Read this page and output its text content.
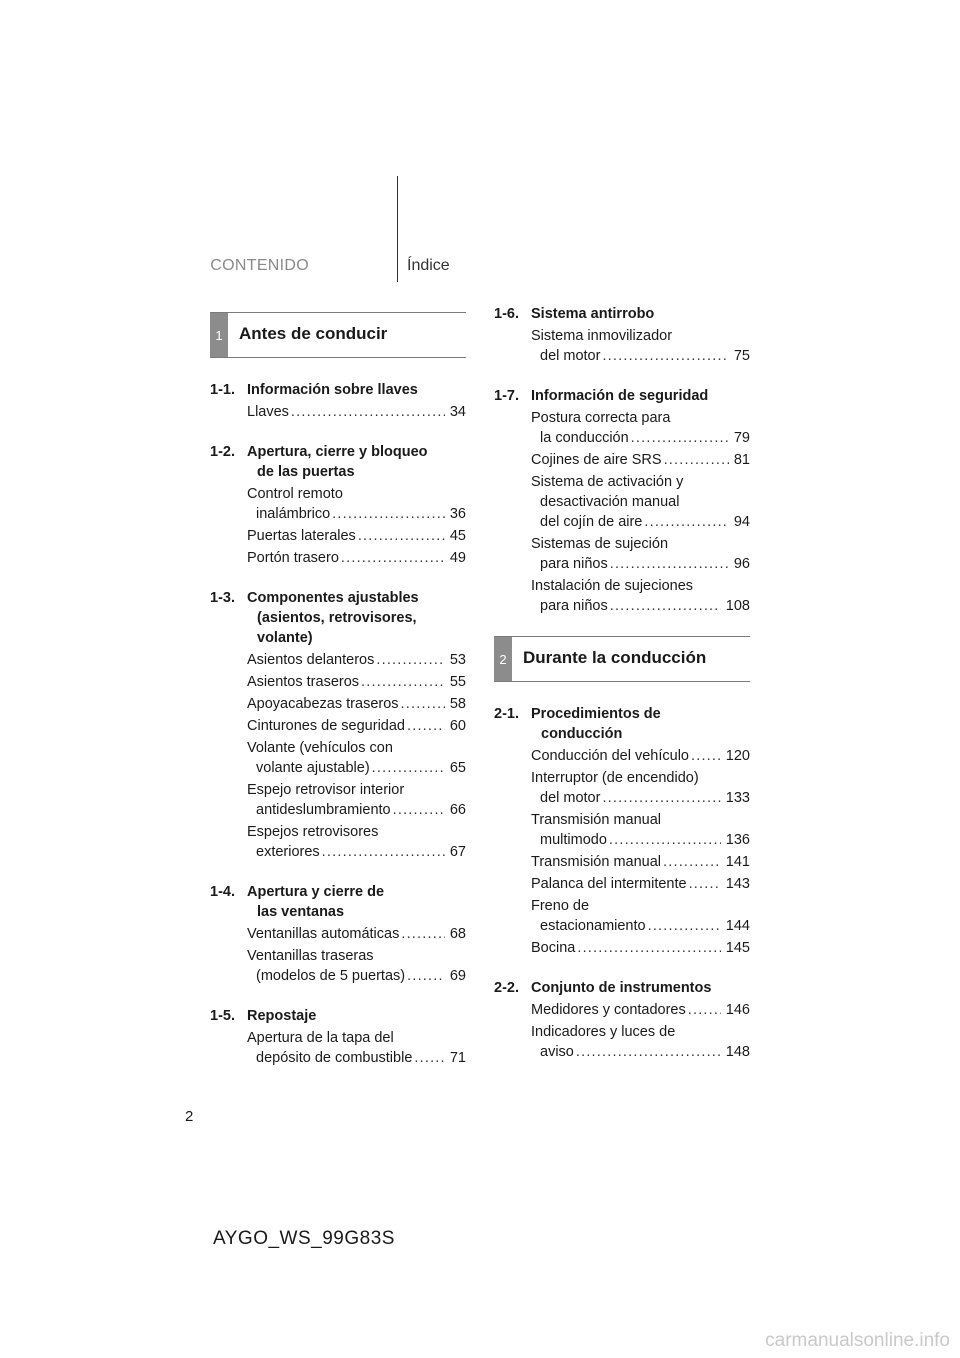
CONTENIDO	Índice
1 Antes de conducir
1-1. Información sobre llaves
Llaves .....	34
1-2. Apertura, cierre y bloqueo
de las puertas
Control remoto
inalámbrico .....	36
Puertas laterales .....	45
Portón trasero .....	49
1-3. Componentes ajustables
(asientos, retrovisores,
volante)
Asientos delanteros .....	53
Asientos traseros .....	55
Apoyacabezas traseros .....	58
Cinturones de seguridad .....	60
Volante (vehículos con
volante ajustable) .....	65
Espejo retrovisor interior
antideslumbramiento .....	66
Espejos retrovisores
exteriores .....	67
1-4. Apertura y cierre de
las ventanas
Ventanillas automáticas .....	68
Ventanillas traseras
(modelos de 5 puertas) .....	69
1-5. Repostaje
Apertura de la tapa del
depósito de combustible .....	71
1-6. Sistema antirrobo
Sistema inmovilizador
del motor .....	75
1-7. Información de seguridad
Postura correcta para
la conducción .....	79
Cojines de aire SRS .....	81
Sistema de activación y
desactivación manual
del cojín de aire .....	94
Sistemas de sujeción
para niños .....	96
Instalación de sujeciones
para niños .....	108
2 Durante la conducción
2-1. Procedimientos de
conducción
Conducción del vehículo .....	120
Interruptor (de encendido)
del motor .....	133
Transmisión manual
multimodo .....	136
Transmisión manual .....	141
Palanca del intermitente .....	143
Freno de
estacionamiento .....	144
Bocina .....	145
2-2. Conjunto de instrumentos
Medidores y contadores .....	146
Indicadores y luces de
aviso .....	148
2
AYGO_WS_99G83S
carmanualsonline.info
